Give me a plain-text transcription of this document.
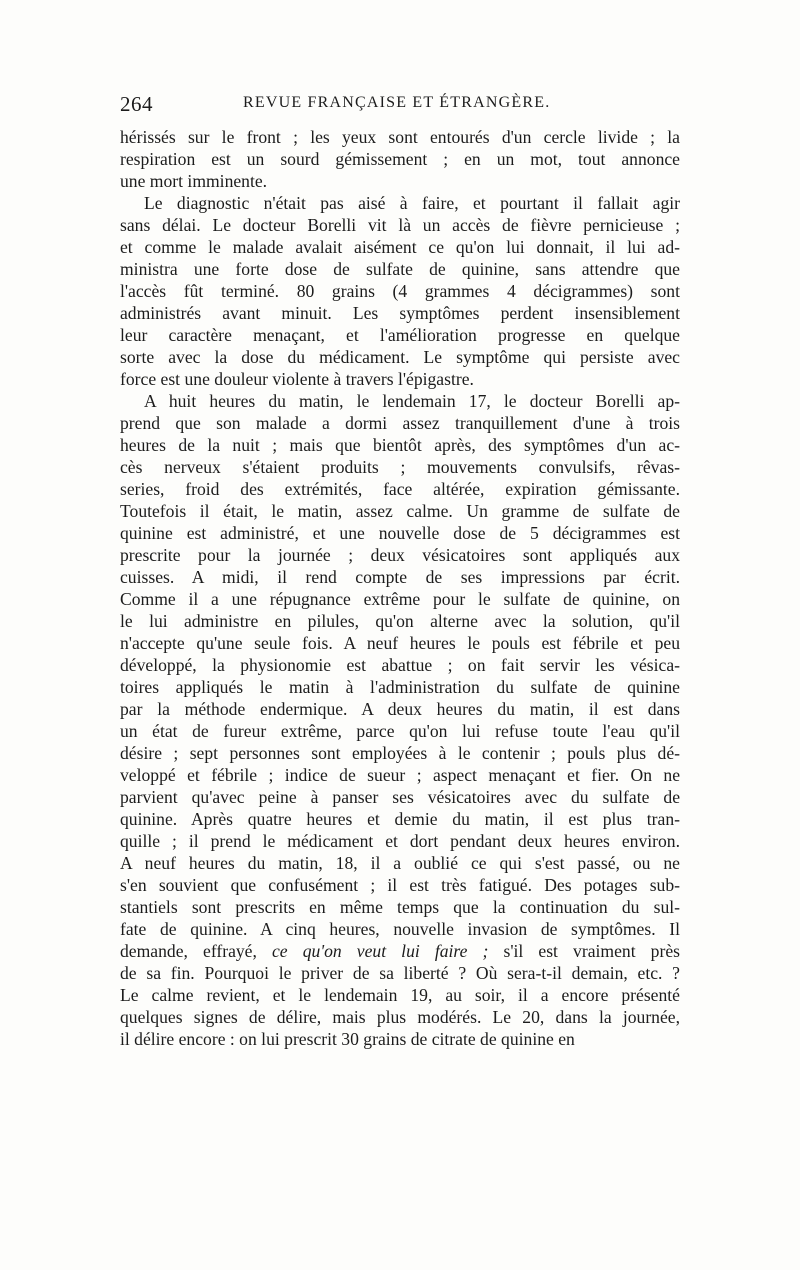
264	REVUE FRANÇAISE ET ÉTRANGÈRE.
hérissés sur le front ; les yeux sont entourés d'un cercle livide ; la
respiration est un sourd gémissement ; en un mot, tout annonce
une mort imminente.
Le diagnostic n'était pas aisé à faire, et pourtant il fallait agir
sans délai. Le docteur Borelli vit là un accès de fièvre pernicieuse ;
et comme le malade avalait aisément ce qu'on lui donnait, il lui ad-
ministra une forte dose de sulfate de quinine, sans attendre que
l'accès fût terminé. 80 grains (4 grammes 4 décigrammes) sont
administrés avant minuit. Les symptômes perdent insensiblement
leur caractère menaçant, et l'amélioration progresse en quelque
sorte avec la dose du médicament. Le symptôme qui persiste avec
force est une douleur violente à travers l'épigastre.
A huit heures du matin, le lendemain 17, le docteur Borelli ap-
prend que son malade a dormi assez tranquillement d'une à trois
heures de la nuit ; mais que bientôt après, des symptômes d'un ac-
cès nerveux s'étaient produits ; mouvements convulsifs, rêvas-
series, froid des extrémités, face altérée, expiration gémissante.
Toutefois il était, le matin, assez calme. Un gramme de sulfate de
quinine est administré, et une nouvelle dose de 5 décigrammes est
prescrite pour la journée ; deux vésicatoires sont appliqués aux
cuisses. A midi, il rend compte de ses impressions par écrit.
Comme il a une répugnance extrême pour le sulfate de quinine, on
le lui administre en pilules, qu'on alterne avec la solution, qu'il
n'accepte qu'une seule fois. A neuf heures le pouls est fébrile et peu
développé, la physionomie est abattue ; on fait servir les vésica-
toires appliqués le matin à l'administration du sulfate de quinine
par la méthode endermique. A deux heures du matin, il est dans
un état de fureur extrême, parce qu'on lui refuse toute l'eau qu'il
désire ; sept personnes sont employées à le contenir ; pouls plus dé-
veloppé et fébrile ; indice de sueur ; aspect menaçant et fier. On ne
parvient qu'avec peine à panser ses vésicatoires avec du sulfate de
quinine. Après quatre heures et demie du matin, il est plus tran-
quille ; il prend le médicament et dort pendant deux heures environ.
A neuf heures du matin, 18, il a oublié ce qui s'est passé, ou ne
s'en souvient que confusément ; il est très fatigué. Des potages sub-
stantiels sont prescrits en même temps que la continuation du sul-
fate de quinine. A cinq heures, nouvelle invasion de symptômes. Il
demande, effrayé, ce qu'on veut lui faire ; s'il est vraiment près
de sa fin. Pourquoi le priver de sa liberté ? Où sera-t-il demain, etc. ?
Le calme revient, et le lendemain 19, au soir, il a encore présenté
quelques signes de délire, mais plus modérés. Le 20, dans la journée,
il délire encore : on lui prescrit 30 grains de citrate de quinine en
